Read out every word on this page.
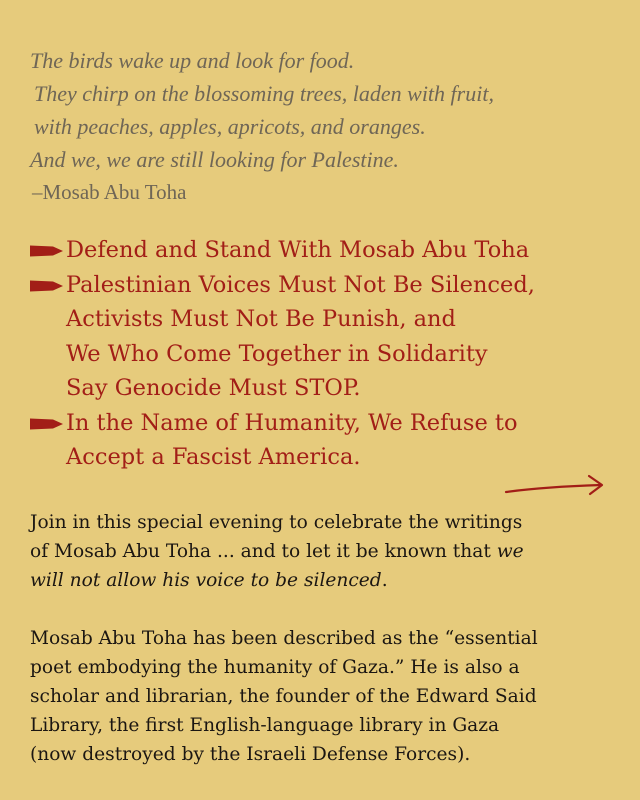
The birds wake up and look for food.
They chirp on the blossoming trees, laden with fruit,
with peaches, apples, apricots, and oranges.
And we, we are still looking for Palestine.
–Mosab Abu Toha
Defend and Stand With Mosab Abu Toha
Palestinian Voices Must Not Be Silenced,
Activists Must Not Be Punish, and
We Who Come Together in Solidarity
Say Genocide Must STOP.
In the Name of Humanity, We Refuse to
Accept a Fascist America.
Join in this special evening to celebrate the writings
of Mosab Abu Toha ... and to let it be known that we
will not allow his voice to be silenced.
Mosab Abu Toha has been described as the “essential
poet embodying the humanity of Gaza.” He is also a
scholar and librarian, the founder of the Edward Said
Library, the first English-language library in Gaza
(now destroyed by the Israeli Defense Forces).
